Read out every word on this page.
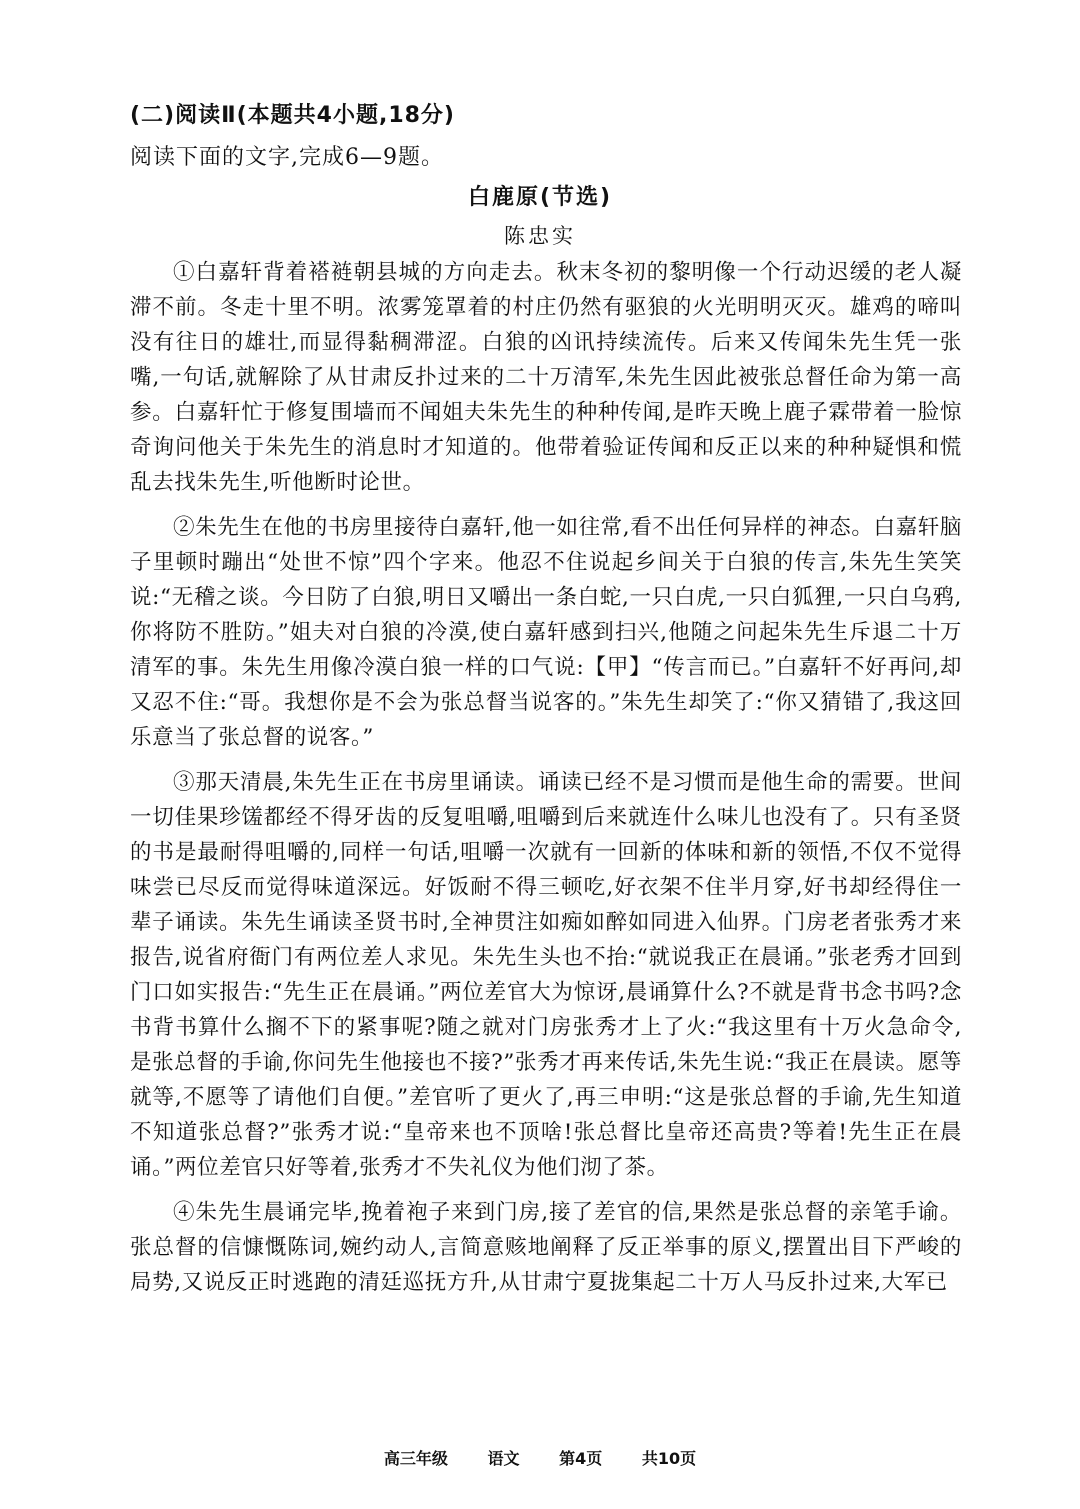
(二)阅读Ⅱ(本题共4小题,18分)
阅读下面的文字,完成6—9题。
白鹿原(节选)
陈忠实

①白嘉轩背着褡裢朝县城的方向走去。秋末冬初的黎明像一个行动迟缓的老人凝滞不前。冬走十里不明。浓雾笼罩着的村庄仍然有驱狼的火光明明灭灭。雄鸡的啼叫没有往日的雄壮,而显得黏稠滞涩。白狼的凶讯持续流传。后来又传闻朱先生凭一张嘴,一句话,就解除了从甘肃反扑过来的二十万清军,朱先生因此被张总督任命为第一高参。白嘉轩忙于修复围墙而不闻姐夫朱先生的种种传闻,是昨天晚上鹿子霖带着一脸惊奇询问他关于朱先生的消息时才知道的。他带着验证传闻和反正以来的种种疑惧和慌乱去找朱先生,听他断时论世。

②朱先生在他的书房里接待白嘉轩,他一如往常,看不出任何异样的神态。白嘉轩脑子里顿时蹦出“处世不惊”四个字来。他忍不住说起乡间关于白狼的传言,朱先生笑笑说:“无稽之谈。今日防了白狼,明日又嚼出一条白蛇,一只白虎,一只白狐狸,一只白乌鸦,你将防不胜防。”姐夫对白狼的冷漠,使白嘉轩感到扫兴,他随之问起朱先生斥退二十万清军的事。朱先生用像冷漠白狼一样的口气说:【甲】“传言而已。”白嘉轩不好再问,却又忍不住:“哥。我想你是不会为张总督当说客的。”朱先生却笑了:“你又猜错了,我这回乐意当了张总督的说客。”

③那天清晨,朱先生正在书房里诵读。诵读已经不是习惯而是他生命的需要。世间一切佳果珍馐都经不得牙齿的反复咀嚼,咀嚼到后来就连什么味儿也没有了。只有圣贤的书是最耐得咀嚼的,同样一句话,咀嚼一次就有一回新的体味和新的领悟,不仅不觉得味尝已尽反而觉得味道深远。好饭耐不得三顿吃,好衣架不住半月穿,好书却经得住一辈子诵读。朱先生诵读圣贤书时,全神贯注如痴如醉如同进入仙界。门房老者张秀才来报告,说省府衙门有两位差人求见。朱先生头也不抬:“就说我正在晨诵。”张老秀才回到门口如实报告:“先生正在晨诵。”两位差官大为惊讶,晨诵算什么?不就是背书念书吗?念书背书算什么搁不下的紧事呢?随之就对门房张秀才上了火:“我这里有十万火急命令,是张总督的手谕,你问先生他接也不接?”张秀才再来传话,朱先生说:“我正在晨读。愿等就等,不愿等了请他们自便。”差官听了更火了,再三申明:“这是张总督的手谕,先生知道不知道张总督?”张秀才说:“皇帝来也不顶啥!张总督比皇帝还高贵?等着!先生正在晨诵。”两位差官只好等着,张秀才不失礼仪为他们沏了茶。

④朱先生晨诵完毕,挽着袍子来到门房,接了差官的信,果然是张总督的亲笔手谕。张总督的信慷慨陈词,婉约动人,言简意赅地阐释了反正举事的原义,摆置出目下严峻的局势,又说反正时逃跑的清廷巡抚方升,从甘肃宁夏拢集起二十万人马反扑过来,大军已

高三年级 语文 第4页 共10页
